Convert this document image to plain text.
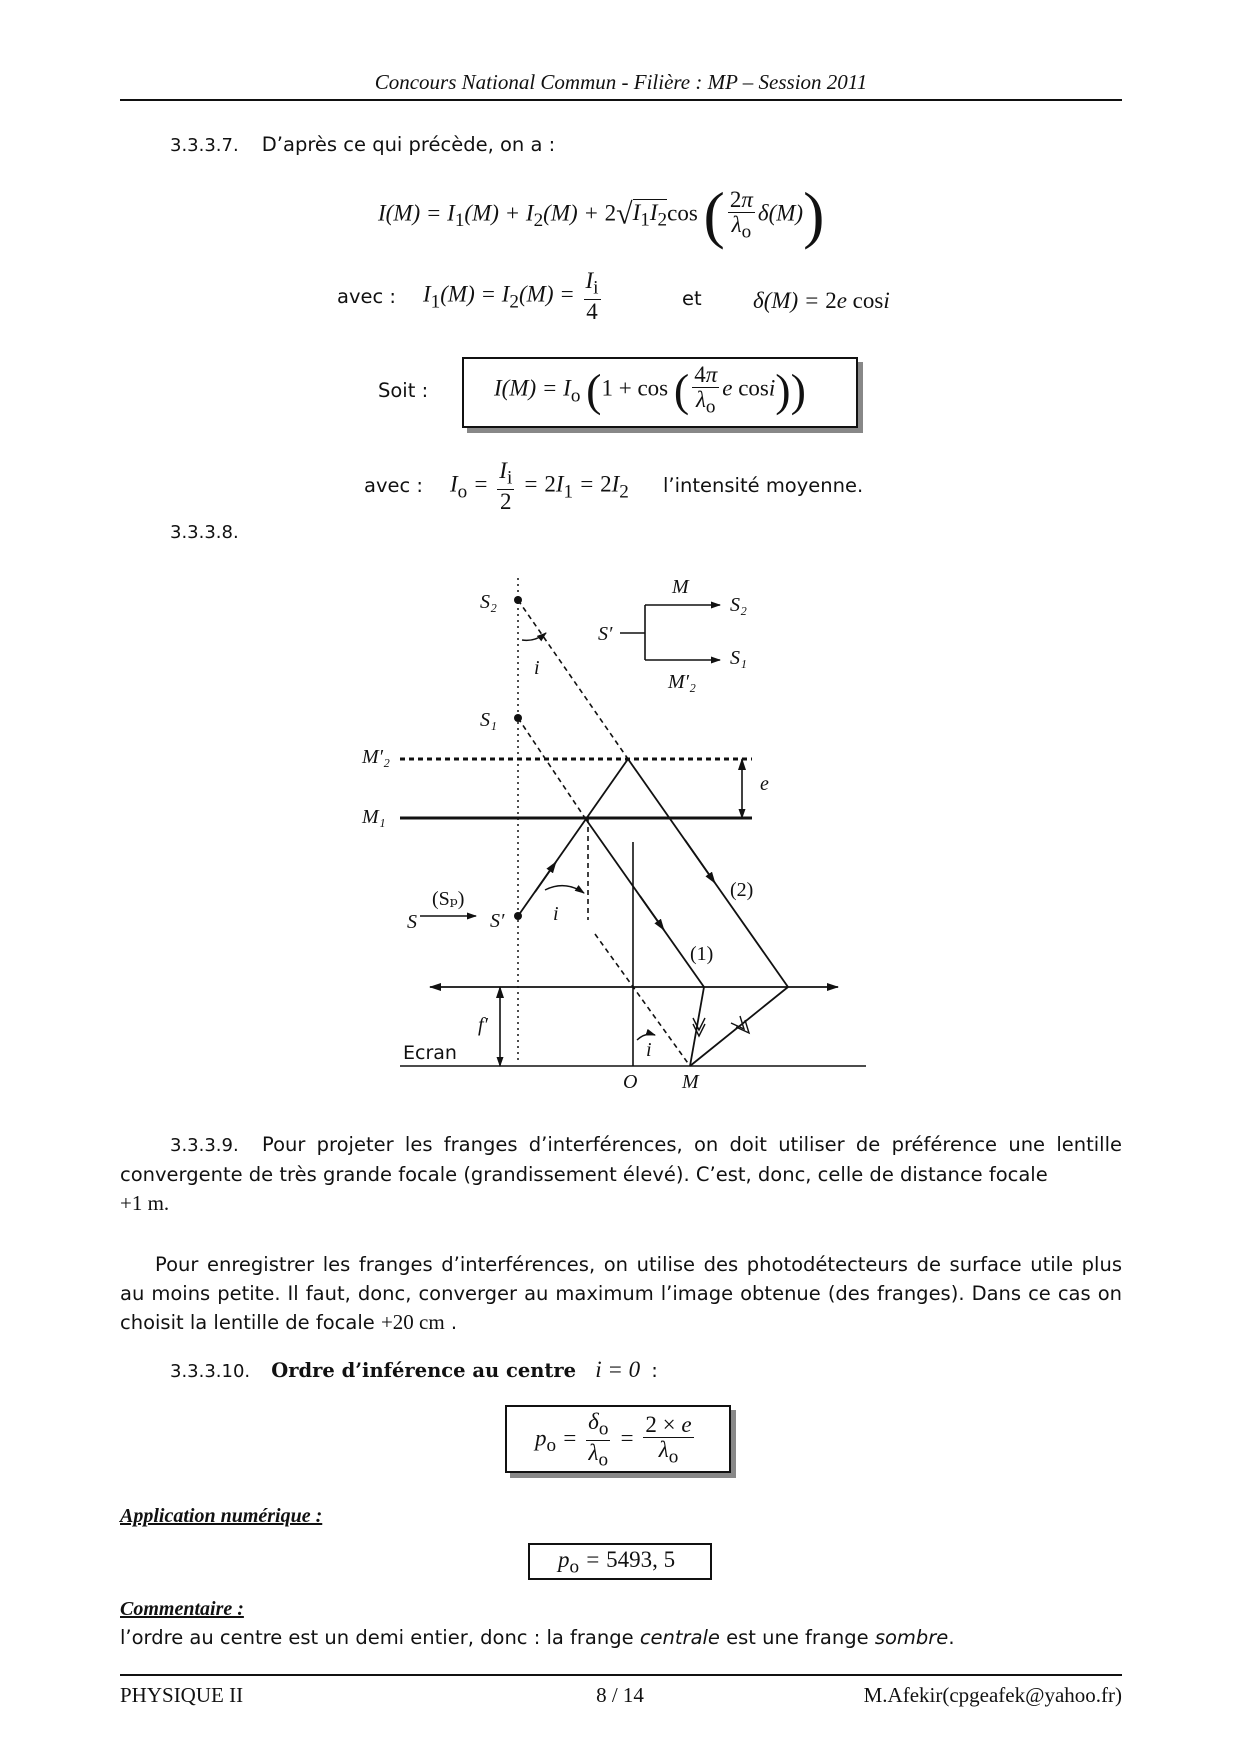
Concours National Commun - Filière : MP – Session 2011
3.3.3.7. D’après ce qui précède, on a :
$I(M) = I_1(M) + I_2(M) + 2√I_1I_2\cos$ ( $\frac{2\pi}{\lambda_o} \delta(M)$)
avec : $I_1(M) = I_2(M) = \frac{I_i}{4}$	et δ(M) = 2e cosi
Soit :	$I(M) = I_o$ (1 + cos ( $\frac{4\pi}{\lambda_o}$ e cosi))
avec : $I_o = \frac{I_i}{2} = 2I_1 = 2I_2$ l’intensité moyenne.
3.3.3.8.
S₂
S₁
M′₂
M₁
e
(Sₚ)
S	S′
i
i
i
(2)
(1)
f′
Ecran
O M
M
S₂
S′
S₁
M′₂
3.3.3.9. Pour projeter les franges d’interférences, on doit utiliser de préférence une lentille convergente de très grande focale (grandissement élevé). C’est, donc, celle de distance focale
+1 m.
Pour enregistrer les franges d’interférences, on utilise des photodétecteurs de surface utile plus au moins petite. Il faut, donc, converger au maximum l’image obtenue (des franges). Dans ce cas on choisit la lentille de focale +20 cm .
3.3.3.10. Ordre d’inférence au centre i = 0 :
$p_o = \frac{\delta_o}{\lambda_o} = \frac{2 \times e}{\lambda_o}$
Application numérique :
$p_o = 5493$, 5
Commentaire :
l’ordre au centre est un demi entier, donc : la frange centrale est une frange sombre.
PHYSIQUE II	8 / 14	M.Afekir(cpgeafek@yahoo.fr)
